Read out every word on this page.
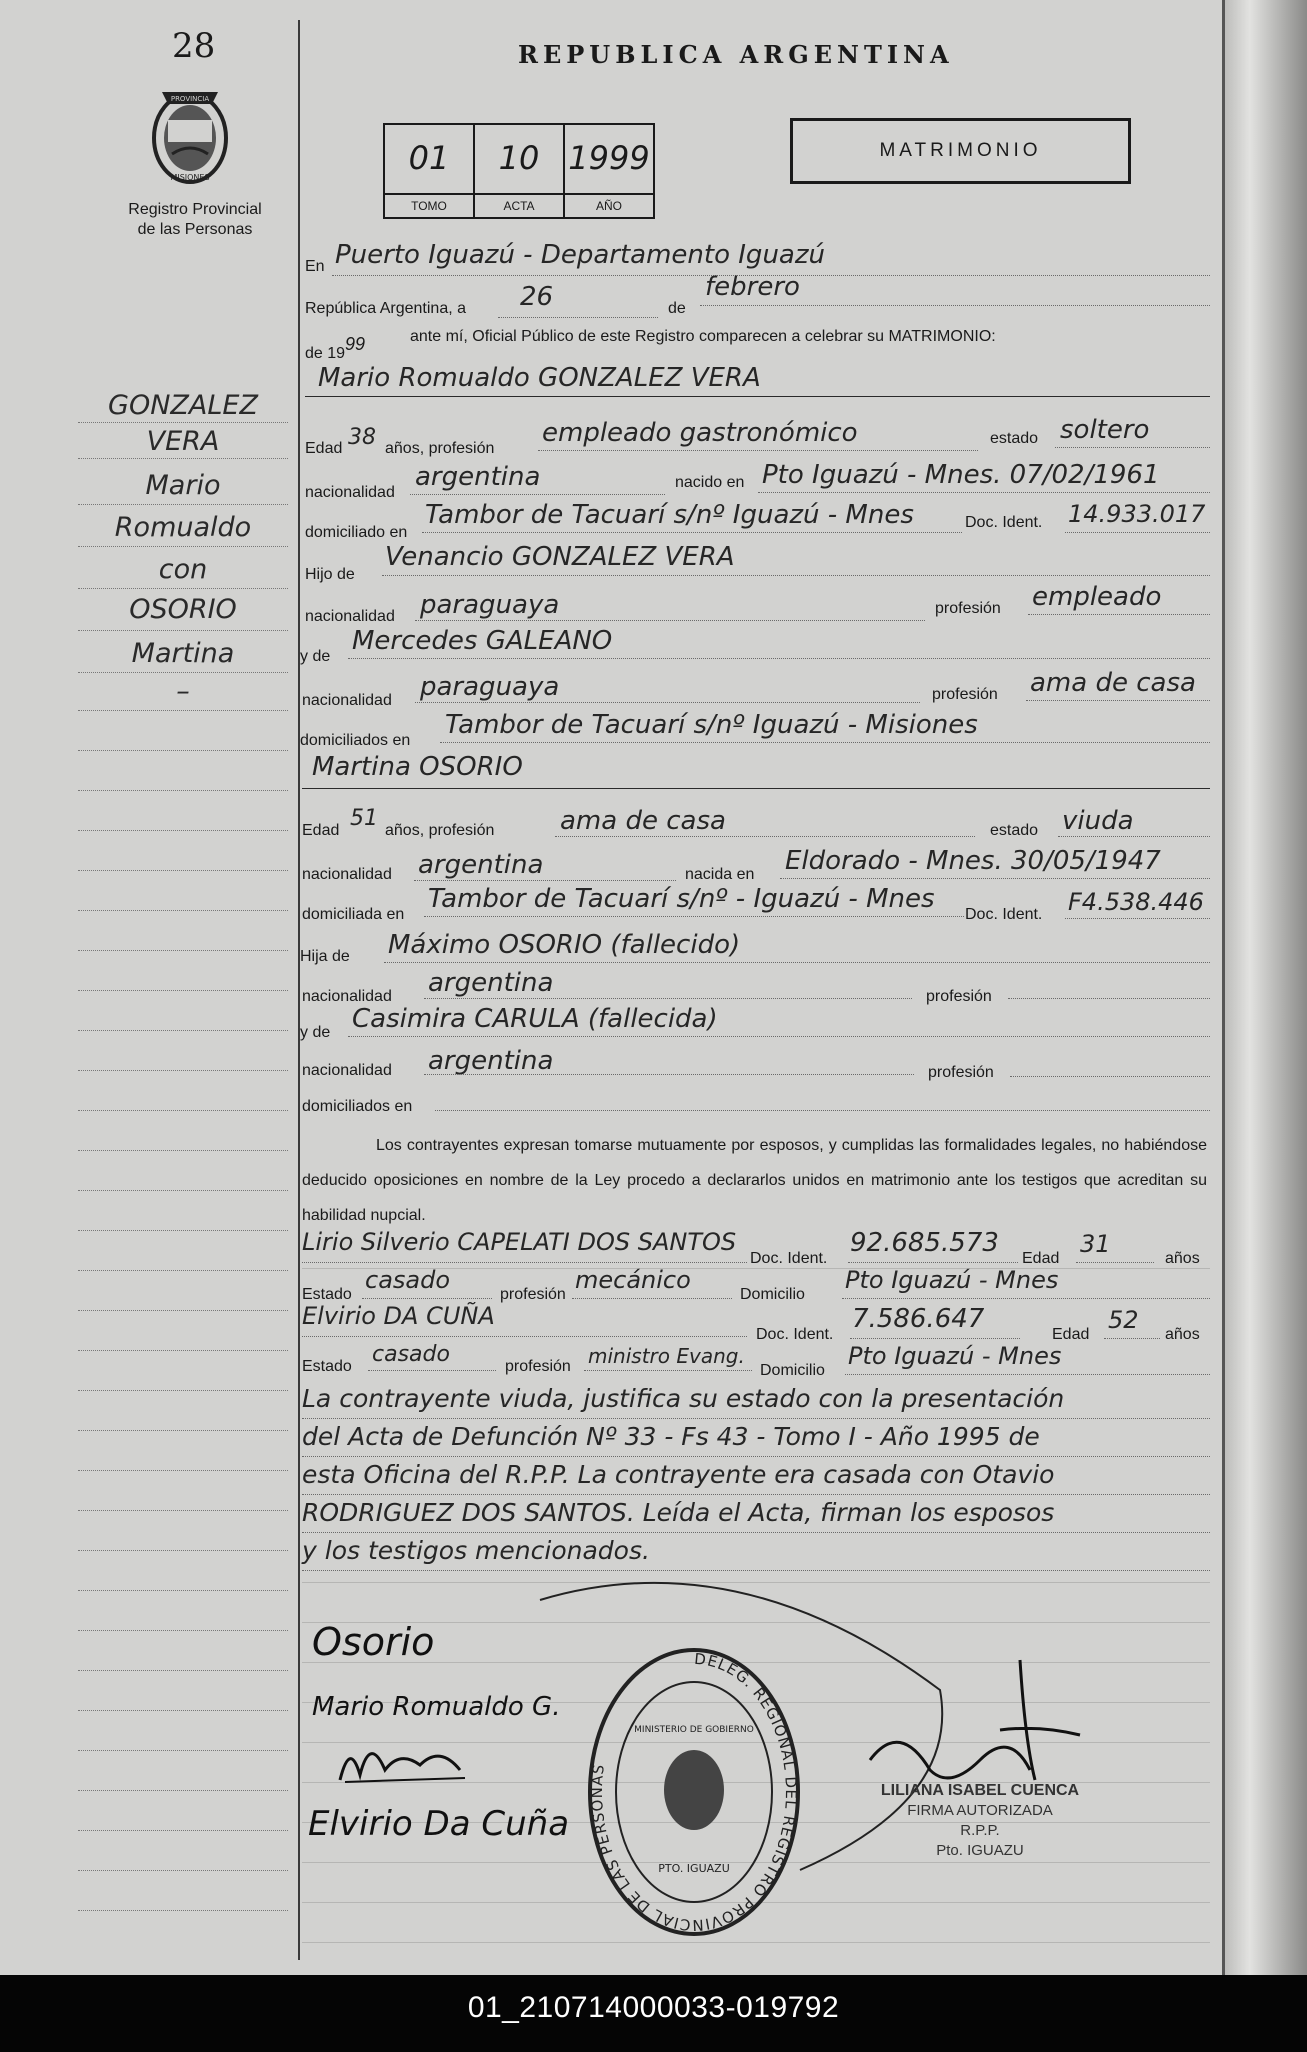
28
PROVINCIA
MISIONES
Registro Provincial
de las Personas
GONZALEZ
VERA
Mario
Romualdo
con
OSORIO
Martina
–
REPUBLICA ARGENTINA
01
TOMO
10
ACTA
1999
AÑO
MATRIMONIO
En Puerto Iguazú - Departamento Iguazú
República Argentina, a 26	de
febrero
de 1999	ante mí, Oficial Público de este Registro comparecen a celebrar su MATRIMONIO:
Mario Romualdo GONZALEZ VERA
Edad 38 años, profesión
empleado gastronómico	estado soltero
nacionalidad
argentina	nacido en Pto Iguazú - Mnes. 07/02/1961
domiciliado en
Tambor de Tacuarí s/nº Iguazú - Mnes	Doc. Ident. 14.933.017
Hijo de
Venancio GONZALEZ VERA
nacionalidad paraguaya	profesión empleado
y de
Mercedes GALEANO
nacionalidad paraguaya	profesión ama de casa
domiciliados en
Tambor de Tacuarí s/nº Iguazú - Misiones
Martina OSORIO
Edad 51 años, profesión	ama de casa	estado viuda
nacionalidad argentina	nacida en Eldorado - Mnes. 30/05/1947
domiciliada en
Tambor de Tacuarí s/nº - Iguazú - Mnes
Doc. Ident. F4.538.446
Hija de Máximo OSORIO (fallecido)
nacionalidad argentina	profesión
y de Casimira CARULA (fallecida)
nacionalidad argentina	profesión
domiciliados en
Los contrayentes expresan tomarse mutuamente por esposos, y cumplidas las formalidades legales, no habiéndose deducido oposiciones en nombre de la Ley procedo a declararlos unidos en matrimonio ante los testigos que acreditan su habilidad nupcial.
Lirio Silverio CAPELATI DOS SANTOS
Doc. Ident.
92.685.573
Edad
31
años
Estado
casado
profesión
mecánico
Domicilio
Pto Iguazú - Mnes
Elvirio DA CUÑA
Doc. Ident.
7.586.647
Edad
52
años
Estado casado	profesión ministro Evang.
Domicilio
Pto Iguazú - Mnes
La contrayente viuda, justifica su estado con la presentación
del Acta de Defunción Nº 33 - Fs 43 - Tomo I - Año 1995 de
esta Oficina del R.P.P. La contrayente era casada con Otavio
RODRIGUEZ DOS SANTOS. Leída el Acta, firman los esposos
y los testigos mencionados.
Osorio
Mario Romualdo G.
Elvirio Da Cuña
DELEG. REGIONAL DEL REGISTRO PROVINCIAL DE LAS PERSONAS
MINISTERIO DE GOBIERNO
PTO. IGUAZU
LILIANA ISABEL CUENCA
FIRMA AUTORIZADA
R.P.P.
Pto. IGUAZU
01_210714000033-019792
